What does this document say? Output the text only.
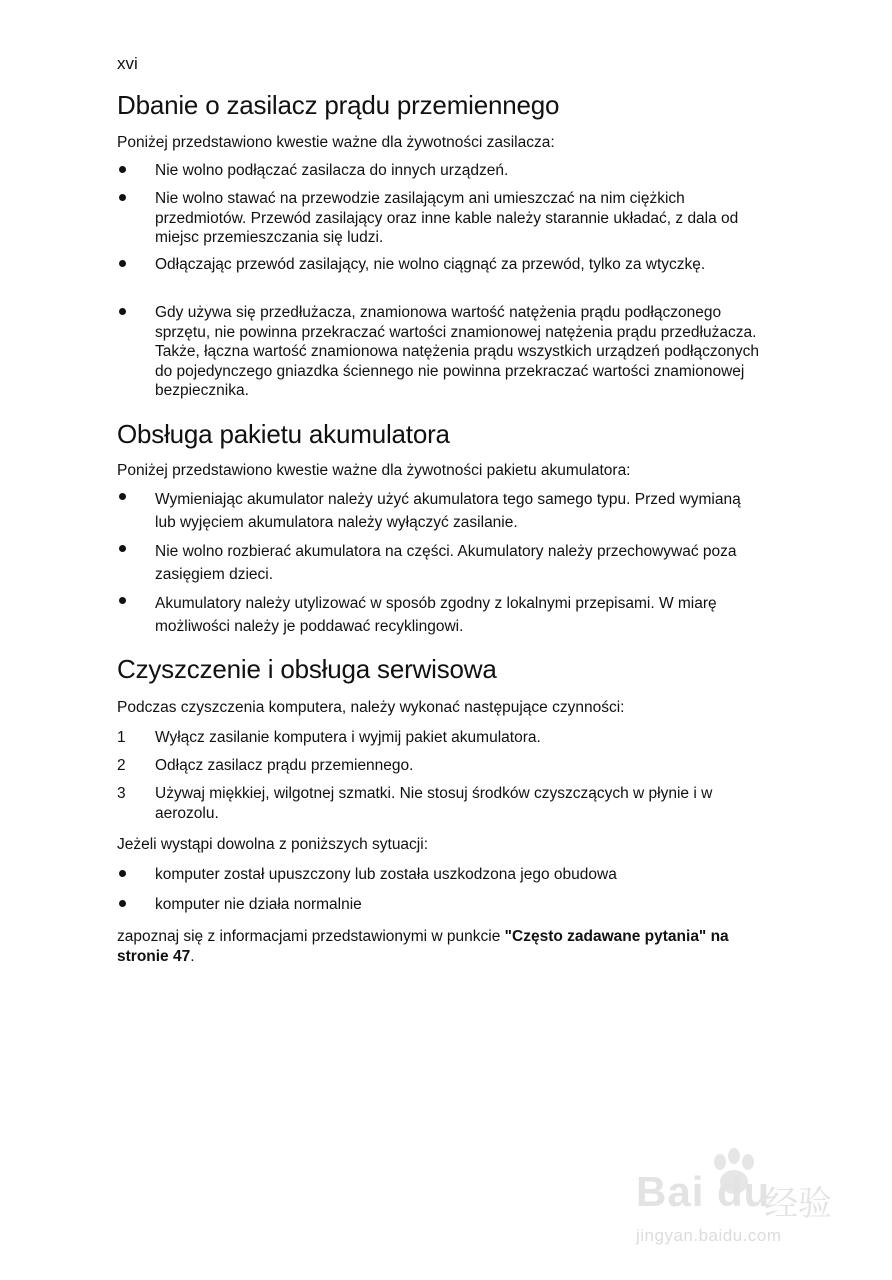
xvi
Dbanie o zasilacz prądu przemiennego

Poniżej przedstawiono kwestie ważne dla żywotności zasilacza:

Nie wolno podłączać zasilacza do innych urządzeń.
Nie wolno stawać na przewodzie zasilającym ani umieszczać na nim ciężkich przedmiotów. Przewód zasilający oraz inne kable należy starannie układać, z dala od miejsc przemieszczania się ludzi.
Odłączając przewód zasilający, nie wolno ciągnąć za przewód, tylko za wtyczkę.
Gdy używa się przedłużacza, znamionowa wartość natężenia prądu podłączonego sprzętu, nie powinna przekraczać wartości znamionowej natężenia prądu przedłużacza. Także, łączna wartość znamionowa natężenia prądu wszystkich urządzeń podłączonych do pojedynczego gniazdka ściennego nie powinna przekraczać wartości znamionowej bezpiecznika.
Obsługa pakietu akumulatora

Poniżej przedstawiono kwestie ważne dla żywotności pakietu akumulatora:

Wymieniając akumulator należy użyć akumulatora tego samego typu. Przed wymianą lub wyjęciem akumulatora należy wyłączyć zasilanie.
Nie wolno rozbierać akumulatora na części. Akumulatory należy przechowywać poza zasięgiem dzieci.
Akumulatory należy utylizować w sposób zgodny z lokalnymi przepisami. W miarę możliwości należy je poddawać recyklingowi.
Czyszczenie i obsługa serwisowa

Podczas czyszczenia komputera, należy wykonać następujące czynności:

1	Wyłącz zasilanie komputera i wyjmij pakiet akumulatora.
2	Odłącz zasilacz prądu przemiennego.
3	Używaj miękkiej, wilgotnej szmatki. Nie stosuj środków czyszczących w płynie i w aerozolu.

Jeżeli wystąpi dowolna z poniższych sytuacji:

komputer został upuszczony lub została uszkodzona jego obudowa
komputer nie działa normalnie

zapoznaj się z informacjami przedstawionymi w punkcie "Często zadawane pytania" na stronie 47.

Bai du
经验
jingyan.baidu.com
